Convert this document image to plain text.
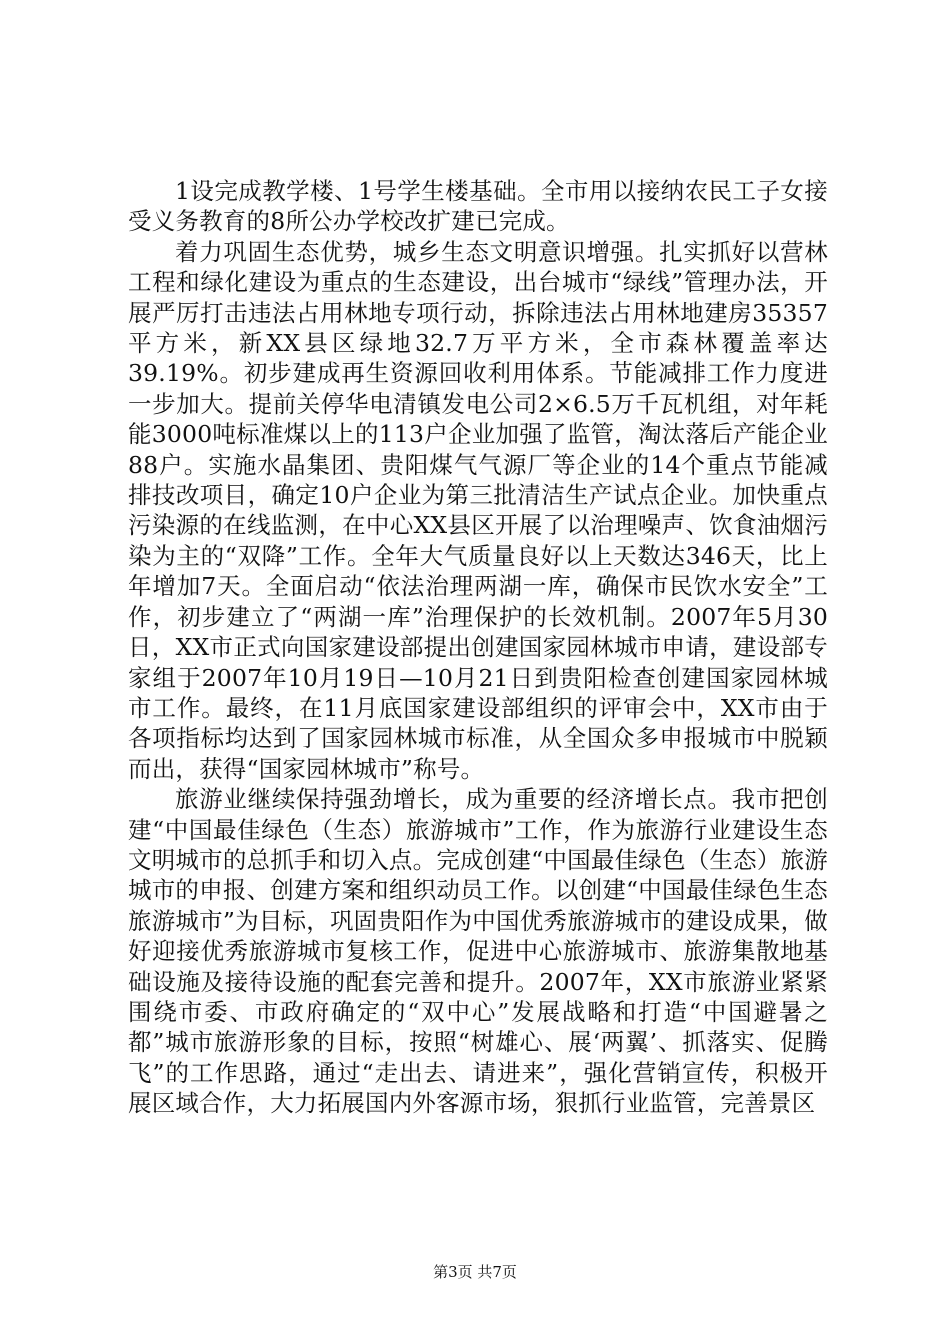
1设完成教学楼、1号学生楼基础。全市用以接纳农民工子女接受义务教育的8所公办学校改扩建已完成。

着力巩固生态优势，城乡生态文明意识增强。扎实抓好以营林工程和绿化建设为重点的生态建设，出台城市“绿线”管理办法，开展严厉打击违法占用林地专项行动，拆除违法占用林地建房35357平方米，新XX县区绿地32.7万平方米，全市森林覆盖率达39.19%。初步建成再生资源回收利用体系。节能减排工作力度进一步加大。提前关停华电清镇发电公司2×6.5万千瓦机组，对年耗能3000吨标准煤以上的113户企业加强了监管，淘汰落后产能企业88户。实施水晶集团、贵阳煤气气源厂等企业的14个重点节能减排技改项目，确定10户企业为第三批清洁生产试点企业。加快重点污染源的在线监测，在中心XX县区开展了以治理噪声、饮食油烟污染为主的“双降”工作。全年大气质量良好以上天数达346天，比上年增加7天。全面启动“依法治理两湖一库，确保市民饮水安全”工作，初步建立了“两湖一库”治理保护的长效机制。2007年5月30日，XX市正式向国家建设部提出创建国家园林城市申请，建设部专家组于2007年10月19日—10月21日到贵阳检查创建国家园林城市工作。最终，在11月底国家建设部组织的评审会中，XX市由于各项指标均达到了国家园林城市标准，从全国众多申报城市中脱颖而出，获得“国家园林城市”称号。

旅游业继续保持强劲增长，成为重要的经济增长点。我市把创建“中国最佳绿色（生态）旅游城市”工作，作为旅游行业建设生态文明城市的总抓手和切入点。完成创建“中国最佳绿色（生态）旅游城市的申报、创建方案和组织动员工作。以创建“中国最佳绿色生态旅游城市”为目标，巩固贵阳作为中国优秀旅游城市的建设成果，做好迎接优秀旅游城市复核工作，促进中心旅游城市、旅游集散地基础设施及接待设施的配套完善和提升。2007年，XX市旅游业紧紧围绕市委、市政府确定的“双中心”发展战略和打造“中国避暑之都”城市旅游形象的目标，按照“树雄心、展‘两翼’、抓落实、促腾飞”的工作思路，通过“走出去、请进来”，强化营销宣传，积极开展区域合作，大力拓展国内外客源市场，狠抓行业监管，完善景区

第3页 共7页
